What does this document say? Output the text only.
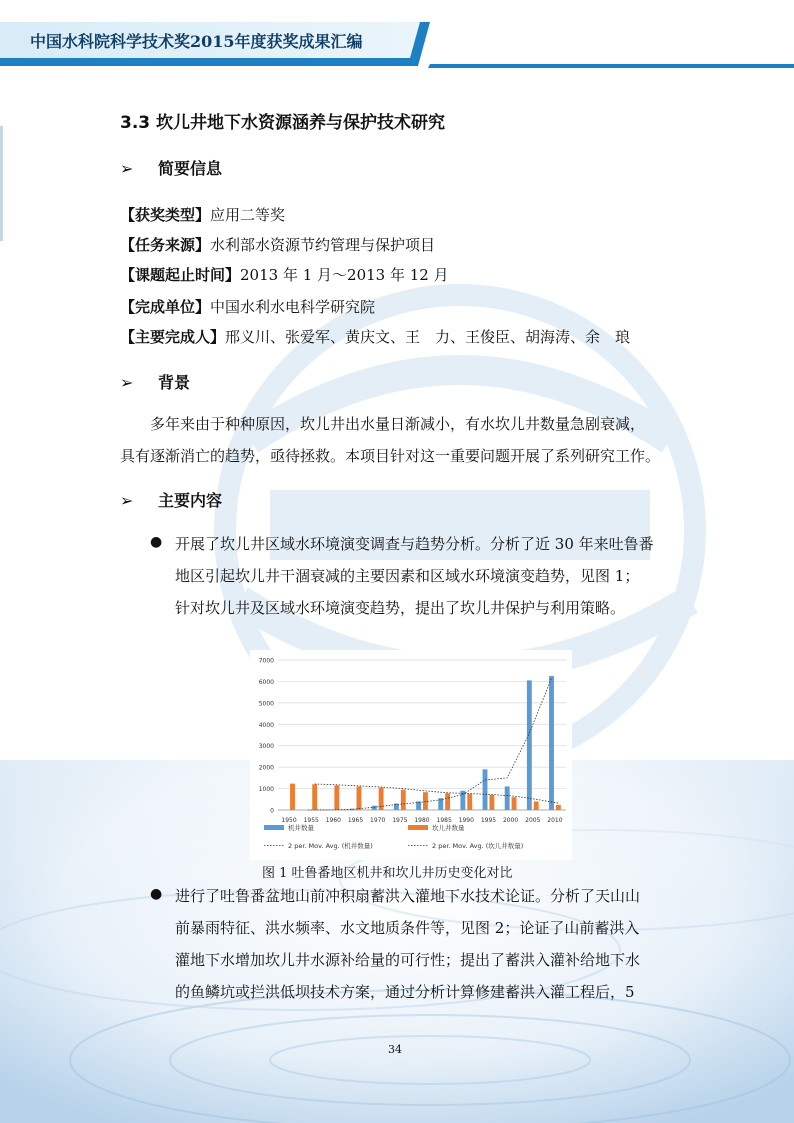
中国水科院科学技术奖2015年度获奖成果汇编
3.3 坎儿井地下水资源涵养与保护技术研究
➢ 简要信息
【获奖类型】应用二等奖
【任务来源】水利部水资源节约管理与保护项目
【课题起止时间】2013 年 1 月～2013 年 12 月
【完成单位】中国水利水电科学研究院
【主要完成人】邢义川、张爱军、黄庆文、王　力、王俊臣、胡海涛、余　琅
➢ 背景
　　多年来由于种种原因，坎儿井出水量日渐减小，有水坎儿井数量急剧衰减，
具有逐渐消亡的趋势，亟待拯救。本项目针对这一重要问题开展了系列研究工作。
➢ 主要内容
● 开展了坎儿井区域水环境演变调查与趋势分析。分析了近 30 年来吐鲁番
地区引起坎儿井干涸衰减的主要因素和区域水环境演变趋势，见图 1；
针对坎儿井及区域水环境演变趋势，提出了坎儿井保护与利用策略。
0
1000
2000
3000
4000
5000
6000
7000
1950 1955 1960 1965 1970 1975 1980 1985 1990 1995 2000 2005 2010
机井数量	坎儿井数量
2 per. Mov. Avg. (机井数量)	2 per. Mov. Avg. (坎儿井数量)
图 1 吐鲁番地区机井和坎儿井历史变化对比
● 进行了吐鲁番盆地山前冲积扇蓄洪入灌地下水技术论证。分析了天山山
前暴雨特征、洪水频率、水文地质条件等，见图 2；论证了山前蓄洪入
灌地下水增加坎儿井水源补给量的可行性；提出了蓄洪入灌补给地下水
的鱼鳞坑或拦洪低坝技术方案，通过分析计算修建蓄洪入灌工程后，5
34
